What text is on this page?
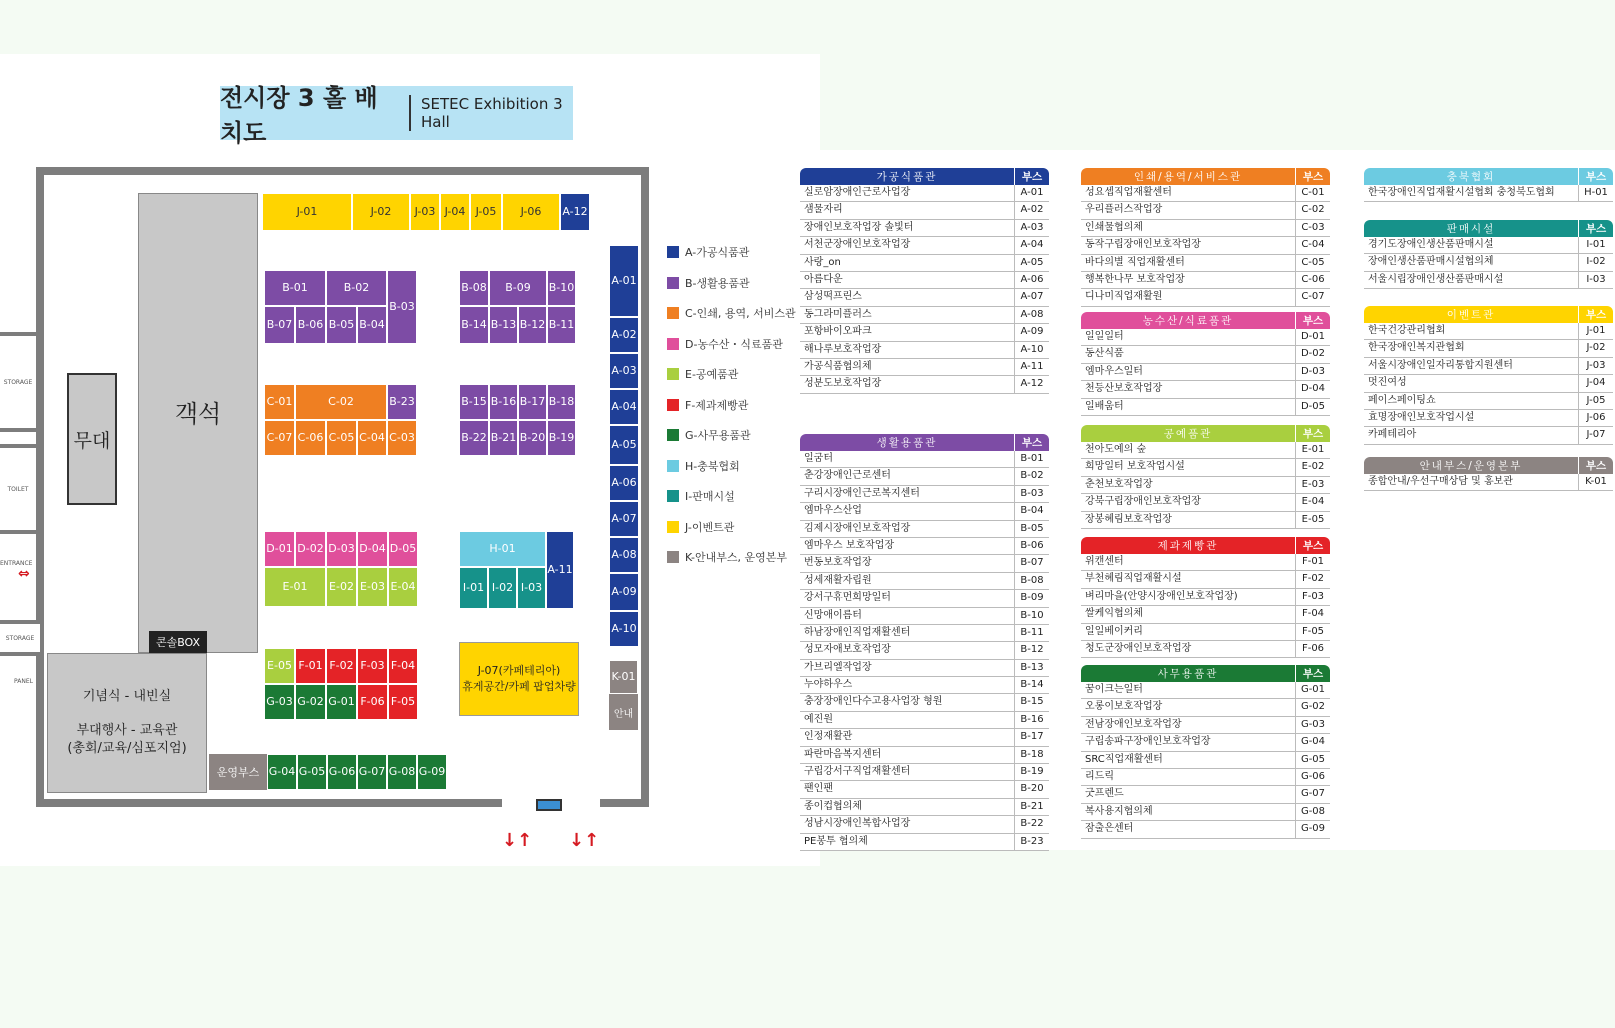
전시장 3 홀 배치도
SETEC Exhibition 3 Hall
STORAGE
TOILET
ENTRANCE
⇔
STORAGE
PANEL
무대
객석
콘솔BOX
기념식 - 내빈실
부대행사 - 교육관
(총회/교육/심포지엄)
운영부스
J-01	J-02	J-03 J-04 J-05	J-06	A-12
A-01
A-02
A-03
A-04
A-05
A-06
A-07
A-08
A-09
A-10
A-11
B-01	B-02
B-03
B-07 B-06 B-05 B-04
B-08	B-09	B-10
B-14 B-13 B-12 B-11
B-23	B-15 B-16 B-17 B-18
B-22 B-21 B-20 B-19
C-01	C-02
C-07 C-06 C-05 C-04 C-03
D-01 D-02 D-03 D-04 D-05
E-01	E-02 E-03 E-04
E-05 F-01 F-02 F-03 F-04
F-06 F-05
G-03 G-02 G-01
G-04 G-05 G-06 G-07 G-08 G-09
H-01
I-01 I-02 I-03
K-01
J-07(카페테리아)
휴게공간/카페 팝업차량
안내
↓↑ ↓↑
A-가공식품관
B-생활용품관
C-인쇄, 용역, 서비스관
D-농수산・식료품관
E-공예품관
F-제과제빵관
G-사무용품관
H-충북협회
I-판매시설
J-이벤트관
K-안내부스, 운영본부
가공식품관	부스
실로암장애인근로사업장	A-01
샘물자리	A-02
장애인보호작업장 솔빛터	A-03
서천군장애인보호작업장	A-04
사랑_on	A-05
아름다운	A-06
삼성떡프린스	A-07
동그라미플러스	A-08
포항바이오파크	A-09
해나루보호작업장	A-10
가공식품협의체	A-11
성분도보호작업장	A-12
생활용품관	부스
일굼터	B-01
춘강장애인근로센터	B-02
구리시장애인근로복지센터	B-03
엠마우스산업	B-04
김제시장애인보호작업장	B-05
엠마우스 보호작업장	B-06
번동보호작업장	B-07
성세재활자립원	B-08
강서구휴먼희망일터	B-09
신망애이름터	B-10
하남장애인직업재활센터	B-11
성모자애보호작업장	B-12
가브리엘작업장	B-13
누야하우스	B-14
충장장애인다수고용사업장 형원	B-15
예진원	B-16
인정재활관	B-17
파란마음복지센터	B-18
구립강서구직업재활센터	B-19
팬인팬	B-20
종이컵협의체	B-21
성남시장애인복합사업장	B-22
PE봉투 협의체	B-23
인쇄/용역/서비스관	부스
성요셉직업재활센터	C-01
우리플러스작업장	C-02
인쇄물협의체	C-03
동작구립장애인보호작업장	C-04
바다의별 직업재활센터	C-05
행복한나무 보호작업장	C-06
디나미직업재활원	C-07
농수산/식료품관	부스
일일일터	D-01
동산식품	D-02
엠마우스일터	D-03
천등산보호작업장	D-04
일배움터	D-05
공예품관	부스
천아도예의 숲	E-01
희망일터 보호작업시설	E-02
춘천보호작업장	E-03
강북구립장애인보호작업장	E-04
장봉혜림보호작업장	E-05
제과제빵관	부스
위캔센터	F-01
부천혜림직업재활시설	F-02
벼리마을(안양시장애인보호작업장)	F-03
쌀케익협의체	F-04
일일베이커리	F-05
청도군장애인보호작업장	F-06
사무용품관	부스
꿈이크는일터	G-01
오롱이보호작업장	G-02
전남장애인보호작업장	G-03
구립송파구장애인보호작업장	G-04
SRC직업재활센터	G-05
리드릭	G-06
굿프렌드	G-07
복사용지협의체	G-08
잠출은센터	G-09
충북협회	부스
한국장애인직업재활시설협회 충청북도협회	H-01
판매시설	부스
경기도장애인생산품판매시설	I-01
장애인생산품판매시설협의체	I-02
서울시립장애인생산품판매시설	I-03
이벤트관	부스
한국건강관리협회	J-01
한국장애인복지관협회	J-02
서울시장애인일자리통합지원센터	J-03
멋진여성	J-04
페이스페이팅쇼	J-05
효명장애인보호작업시설	J-06
카페테리아	J-07
안내부스/운영본부	부스
종합안내/우선구매상담 및 홍보관	K-01
